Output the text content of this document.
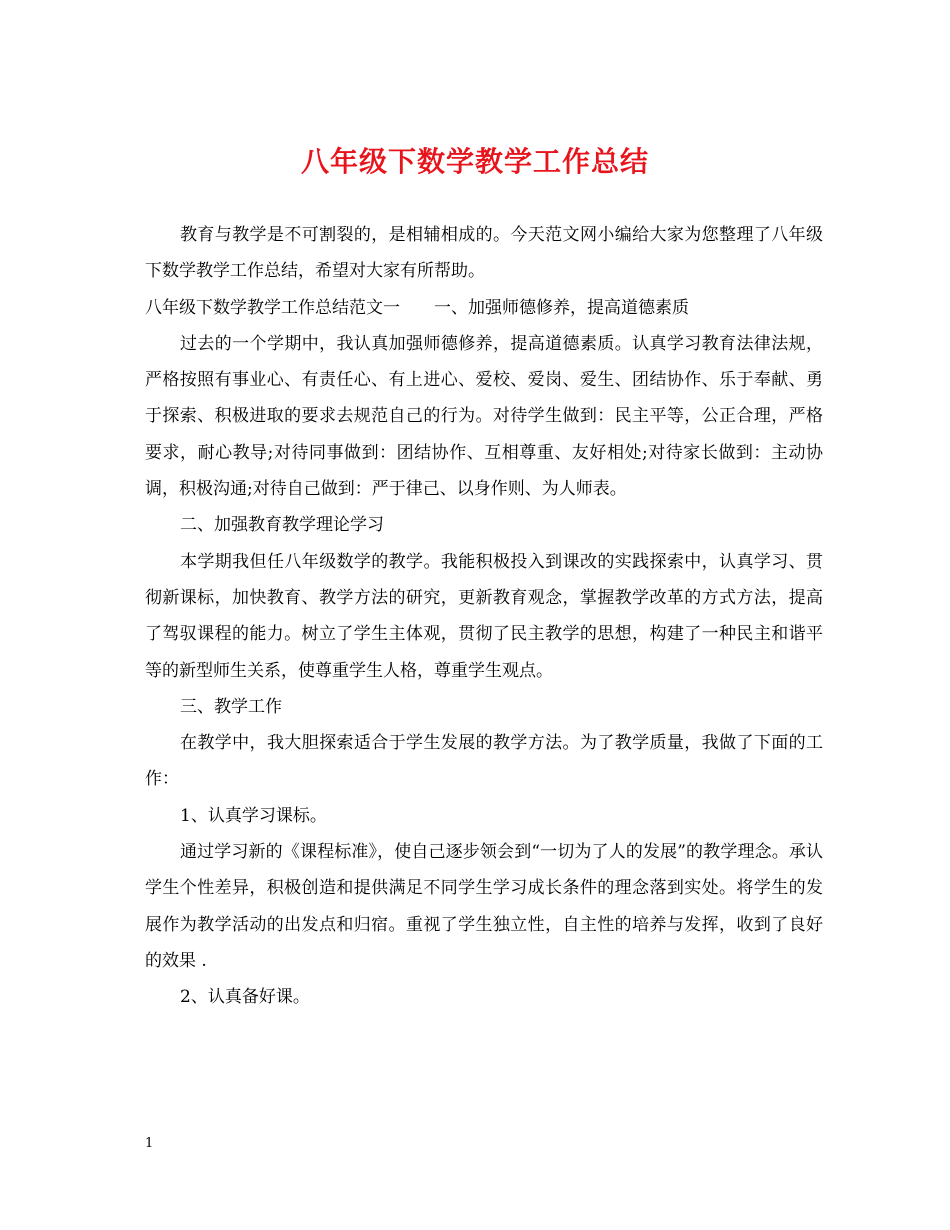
八年级下数学教学工作总结

教育与教学是不可割裂的，是相辅相成的。今天范文网小编给大家为您整理了八年级下数学教学工作总结，希望对大家有所帮助。

八年级下数学教学工作总结范文一 一、加强师德修养，提高道德素质

过去的一个学期中，我认真加强师德修养，提高道德素质。认真学习教育法律法规，严格按照有事业心、有责任心、有上进心、爱校、爱岗、爱生、团结协作、乐于奉献、勇于探索、积极进取的要求去规范自己的行为。对待学生做到：民主平等，公正合理，严格要求，耐心教导;对待同事做到：团结协作、互相尊重、友好相处;对待家长做到：主动协调，积极沟通;对待自己做到：严于律己、以身作则、为人师表。

二、加强教育教学理论学习

本学期我但任八年级数学的教学。我能积极投入到课改的实践探索中，认真学习、贯彻新课标，加快教育、教学方法的研究，更新教育观念，掌握教学改革的方式方法，提高了驾驭课程的能力。树立了学生主体观，贯彻了民主教学的思想，构建了一种民主和谐平等的新型师生关系，使尊重学生人格，尊重学生观点。

三、教学工作

在教学中，我大胆探索适合于学生发展的教学方法。为了教学质量，我做了下面的工作：

1、认真学习课标。

通过学习新的《课程标准》，使自己逐步领会到“一切为了人的发展”的教学理念。承认学生个性差异，积极创造和提供满足不同学生学习成长条件的理念落到实处。将学生的发展作为教学活动的出发点和归宿。重视了学生独立性，自主性的培养与发挥，收到了良好的效果 .

2、认真备好课。

1
